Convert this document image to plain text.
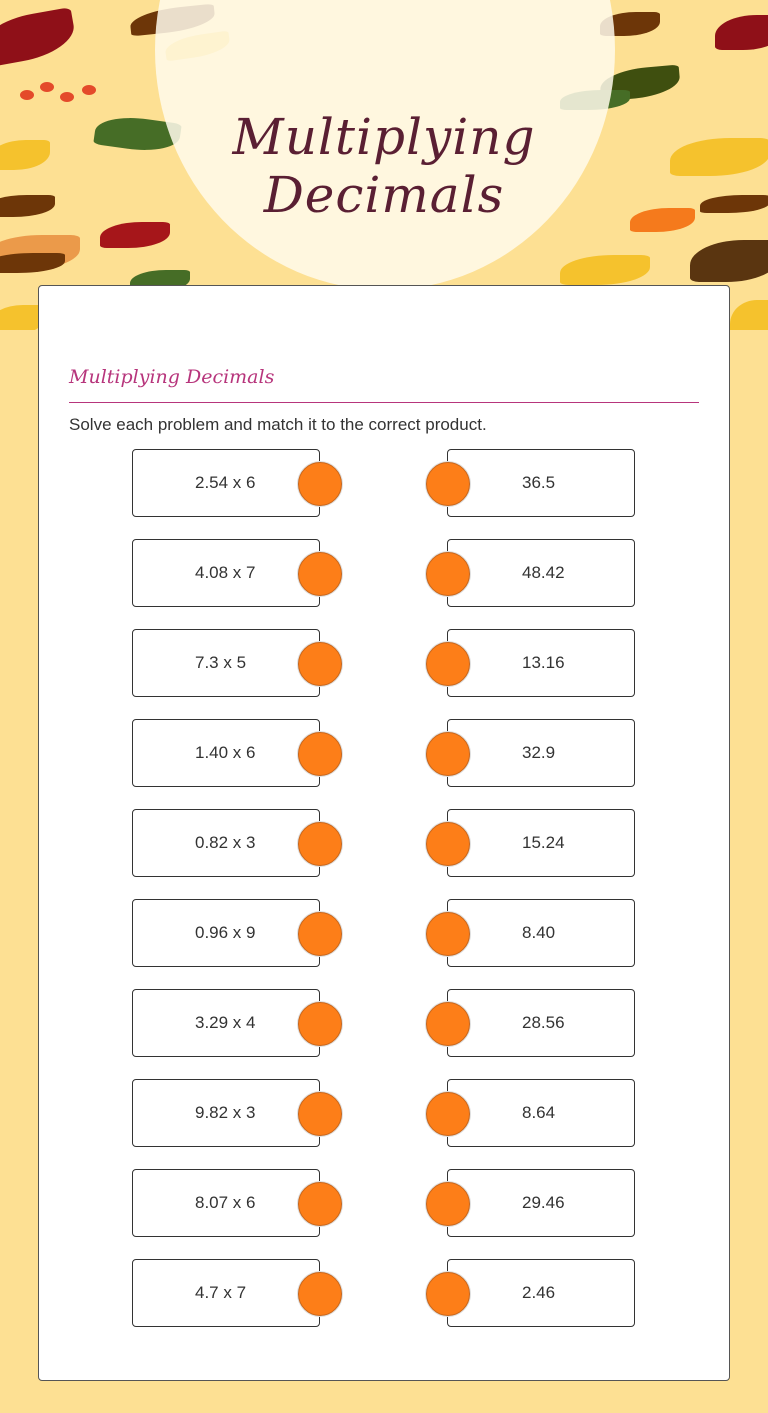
Multiplying
Decimals
Multiplying Decimals
Solve each problem and match it to the correct product.
2.54 x 6
4.08 x 7
7.3 x 5
1.40 x 6
0.82 x 3
0.96 x 9
3.29 x 4
9.82 x 3
8.07 x 6
4.7 x 7
36.5
48.42
13.16
32.9
15.24
8.40
28.56
8.64
29.46
2.46
